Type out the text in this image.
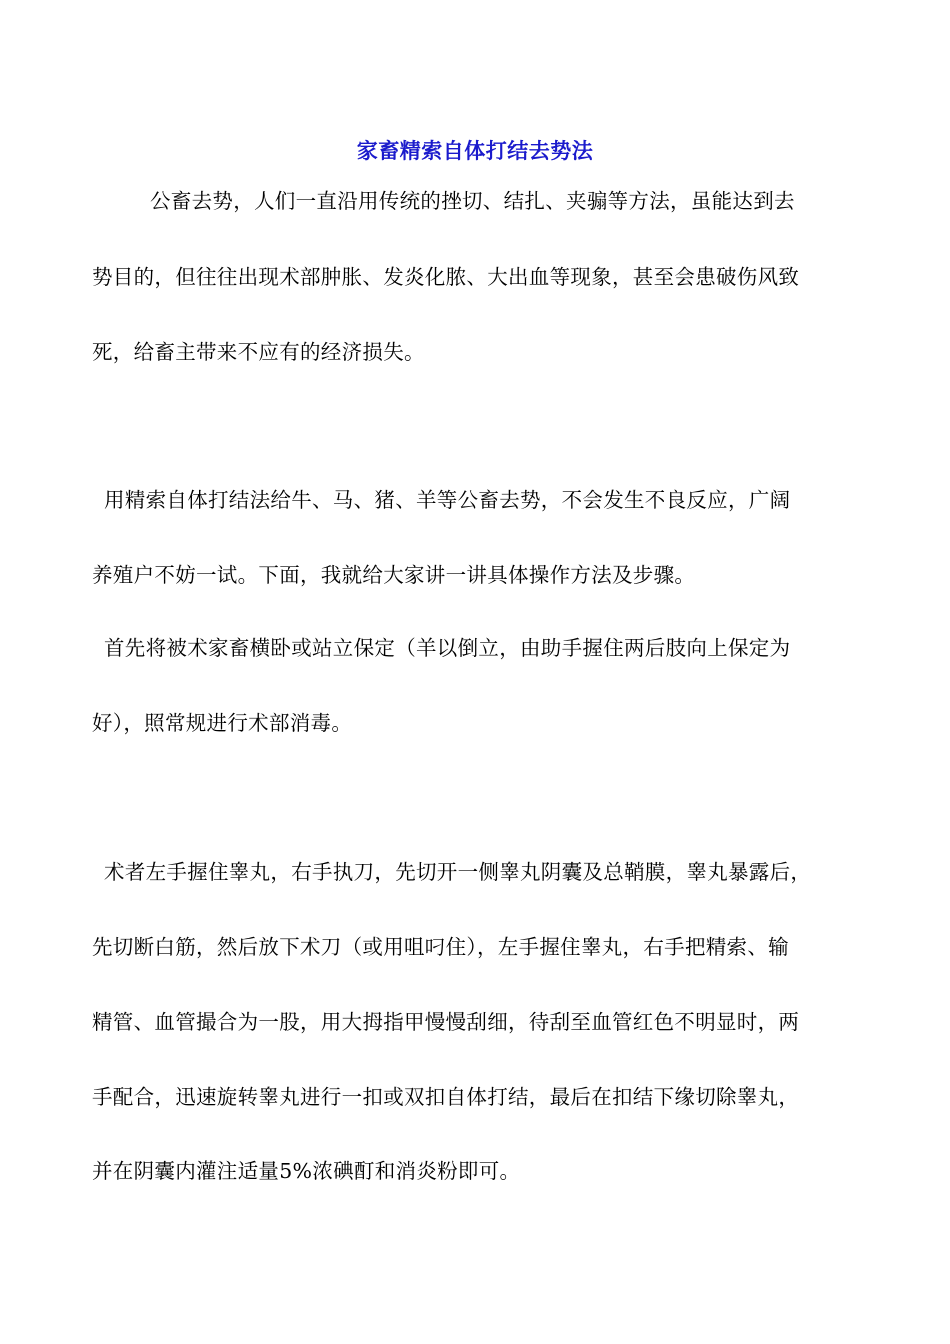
家畜精索自体打结去势法

公畜去势，人们一直沿用传统的挫切、结扎、夹骟等方法，虽能达到去

势目的，但往往出现术部肿胀、发炎化脓、大出血等现象，甚至会患破伤风致

死，给畜主带来不应有的经济损失。

用精索自体打结法给牛、马、猪、羊等公畜去势，不会发生不良反应，广阔

养殖户不妨一试。下面，我就给大家讲一讲具体操作方法及步骤。

首先将被术家畜横卧或站立保定（羊以倒立，由助手握住两后肢向上保定为

好），照常规进行术部消毒。

术者左手握住睾丸，右手执刀，先切开一侧睾丸阴囊及总鞘膜，睾丸暴露后，

先切断白筋，然后放下术刀（或用咀叼住），左手握住睾丸，右手把精索、输

精管、血管撮合为一股，用大拇指甲慢慢刮细，待刮至血管红色不明显时，两

手配合，迅速旋转睾丸进行一扣或双扣自体打结，最后在扣结下缘切除睾丸，

并在阴囊内灌注适量5%浓碘酊和消炎粉即可。
